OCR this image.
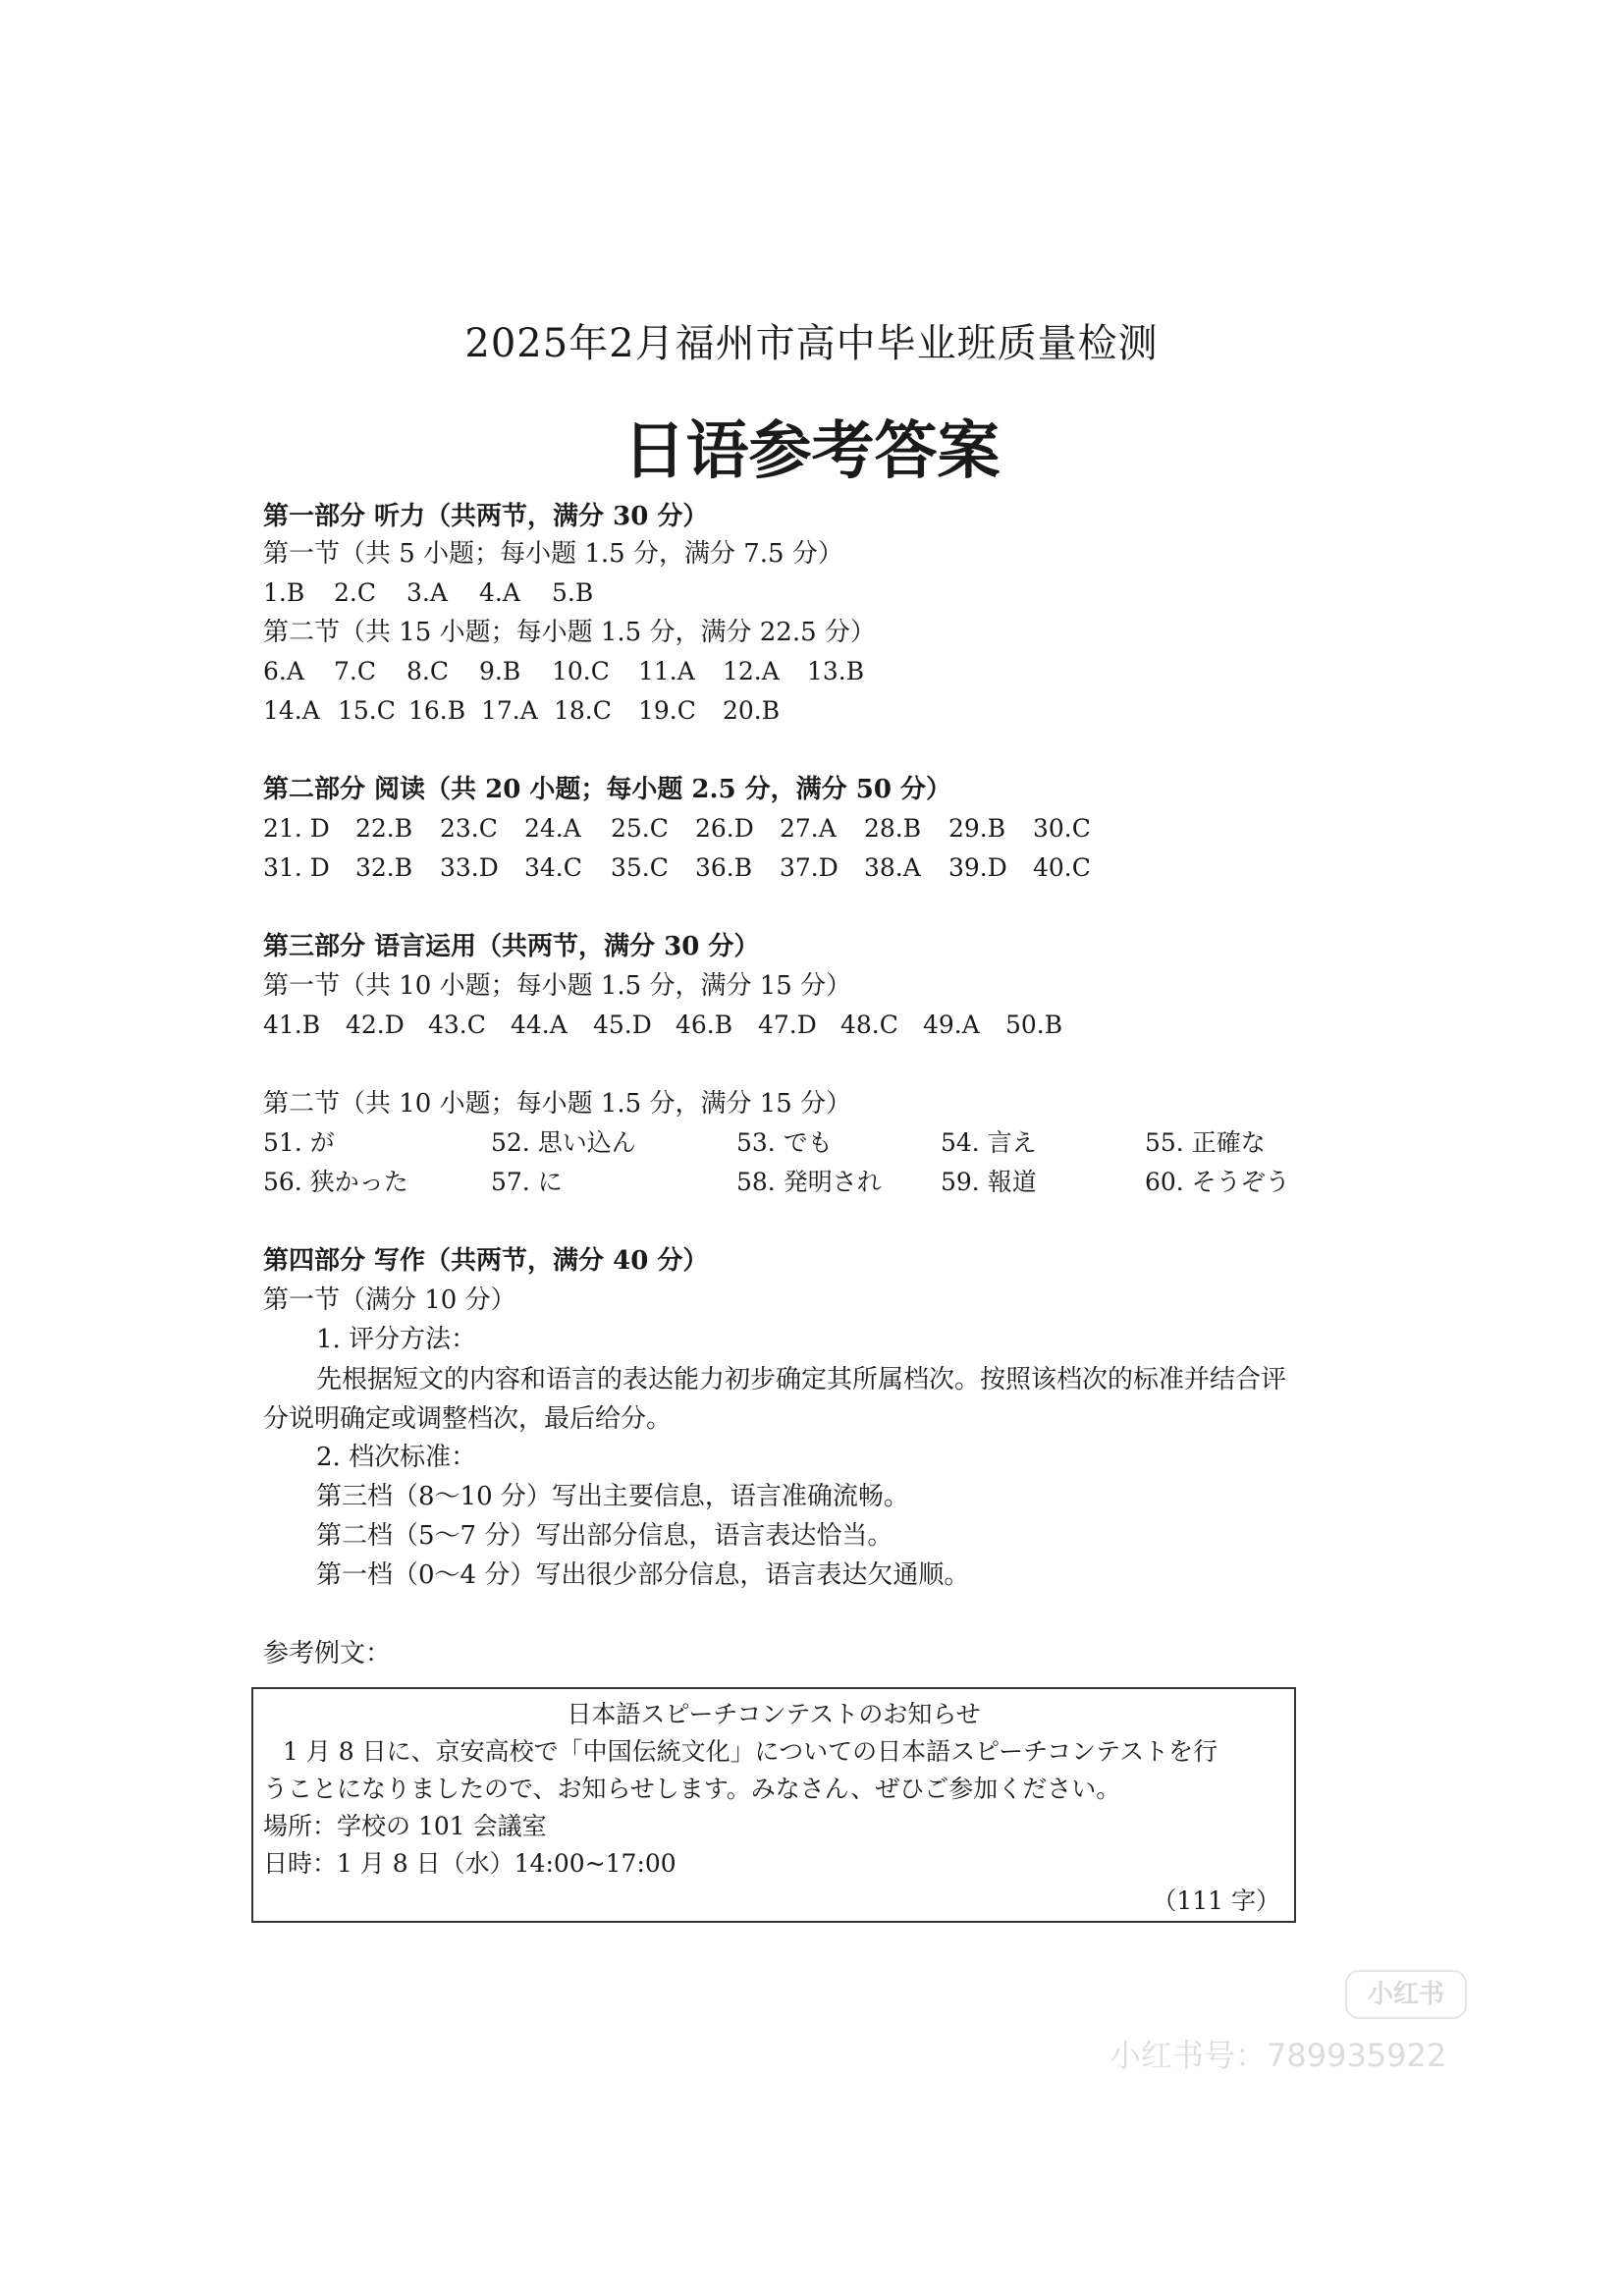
2025年2月福州市高中毕业班质量检测
日语参考答案
第一部分 听力（共两节，满分 30 分）
第一节（共 5 小题；每小题 1.5 分，满分 7.5 分）
1.B 2.C 3.A 4.A 5.B
第二节（共 15 小题；每小题 1.5 分，满分 22.5 分）
6.A 7.C 8.C 9.B 10.C 11.A 12.A 13.B
14.A 15.C 16.B 17.A 18.C 19.C 20.B
第二部分 阅读（共 20 小题；每小题 2.5 分，满分 50 分）
21. D 22.B 23.C 24.A 25.C 26.D 27.A 28.B 29.B 30.C
31. D 32.B 33.D 34.C 35.C 36.B 37.D 38.A 39.D 40.C
第三部分 语言运用（共两节，满分 30 分）
第一节（共 10 小题；每小题 1.5 分，满分 15 分）
41.B 42.D 43.C 44.A 45.D 46.B 47.D 48.C 49.A 50.B
第二节（共 10 小题；每小题 1.5 分，满分 15 分）
51. が	52. 思い込ん	53. でも	54. 言え	55. 正確な
56. 狭かった	57. に	58. 発明され 59. 報道	60. そうぞう
第四部分 写作（共两节，满分 40 分）
第一节（满分 10 分）
1. 评分方法：
先根据短文的内容和语言的表达能力初步确定其所属档次。按照该档次的标准并结合评分说明确定或调整档次，最后给分。
2. 档次标准：
第三档（8～10 分）写出主要信息，语言准确流畅。
第二档（5～7 分）写出部分信息，语言表达恰当。
第一档（0～4 分）写出很少部分信息，语言表达欠通顺。
参考例文：
日本語スピーチコンテストのお知らせ
1 月 8 日に、京安高校で「中国伝統文化」についての日本語スピーチコンテストを行
うことになりましたので、お知らせします。みなさん、ぜひご参加ください。
場所：学校の 101 会議室
日時：1 月 8 日（水）14:00~17:00
（111 字）
小红书
小红书号：789935922
